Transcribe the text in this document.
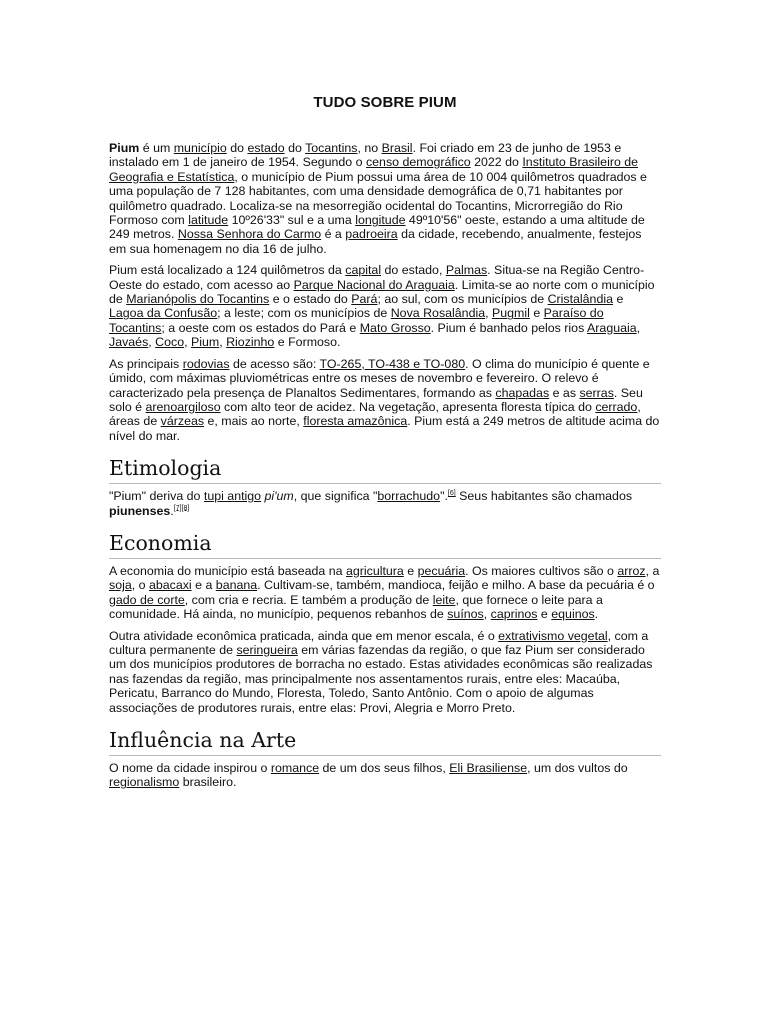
TUDO SOBRE PIUM

Pium é um município do estado do Tocantins, no Brasil. Foi criado em 23 de junho de 1953 e instalado em 1 de janeiro de 1954. Segundo o censo demográfico 2022 do Instituto Brasileiro de Geografia e Estatística, o município de Pium possui uma área de 10 004 quilômetros quadrados e uma população de 7 128 habitantes, com uma densidade demográfica de 0,71 habitantes por quilômetro quadrado. Localiza-se na mesorregião ocidental do Tocantins, Microrregião do Rio Formoso com latitude 10º26'33" sul e a uma longitude 49º10'56" oeste, estando a uma altitude de 249 metros. Nossa Senhora do Carmo é a padroeira da cidade, recebendo, anualmente, festejos em sua homenagem no dia 16 de julho.

Pium está localizado a 124 quilômetros da capital do estado, Palmas. Situa-se na Região Centro-Oeste do estado, com acesso ao Parque Nacional do Araguaia. Limita-se ao norte com o município de Marianópolis do Tocantins e o estado do Pará; ao sul, com os municípios de Cristalândia e Lagoa da Confusão; a leste; com os municípios de Nova Rosalândia, Pugmil e Paraíso do Tocantins; a oeste com os estados do Pará e Mato Grosso. Pium é banhado pelos rios Araguaia, Javaés, Coco, Pium, Riozinho e Formoso.

As principais rodovias de acesso são: TO-265, TO-438 e TO-080. O clima do município é quente e úmido, com máximas pluviométricas entre os meses de novembro e fevereiro. O relevo é caracterizado pela presença de Planaltos Sedimentares, formando as chapadas e as serras. Seu solo é arenoargiloso com alto teor de acidez. Na vegetação, apresenta floresta típica do cerrado, áreas de várzeas e, mais ao norte, floresta amazônica. Pium está a 249 metros de altitude acima do nível do mar.

Etimologia

"Pium" deriva do tupi antigo pi'um, que significa "borrachudo".[6] Seus habitantes são chamados piunenses.[7][8]

Economia

A economia do município está baseada na agricultura e pecuária. Os maiores cultivos são o arroz, a soja, o abacaxi e a banana. Cultivam-se, também, mandioca, feijão e milho. A base da pecuária é o gado de corte, com cria e recria. E também a produção de leite, que fornece o leite para a comunidade. Há ainda, no município, pequenos rebanhos de suínos, caprinos e equinos.

Outra atividade econômica praticada, ainda que em menor escala, é o extrativismo vegetal, com a cultura permanente de seringueira em várias fazendas da região, o que faz Pium ser considerado um dos municípios produtores de borracha no estado. Estas atividades econômicas são realizadas nas fazendas da região, mas principalmente nos assentamentos rurais, entre eles: Macaúba, Pericatu, Barranco do Mundo, Floresta, Toledo, Santo Antônio. Com o apoio de algumas associações de produtores rurais, entre elas: Provi, Alegria e Morro Preto.

Influência na Arte

O nome da cidade inspirou o romance de um dos seus filhos, Eli Brasiliense, um dos vultos do regionalismo brasileiro.
